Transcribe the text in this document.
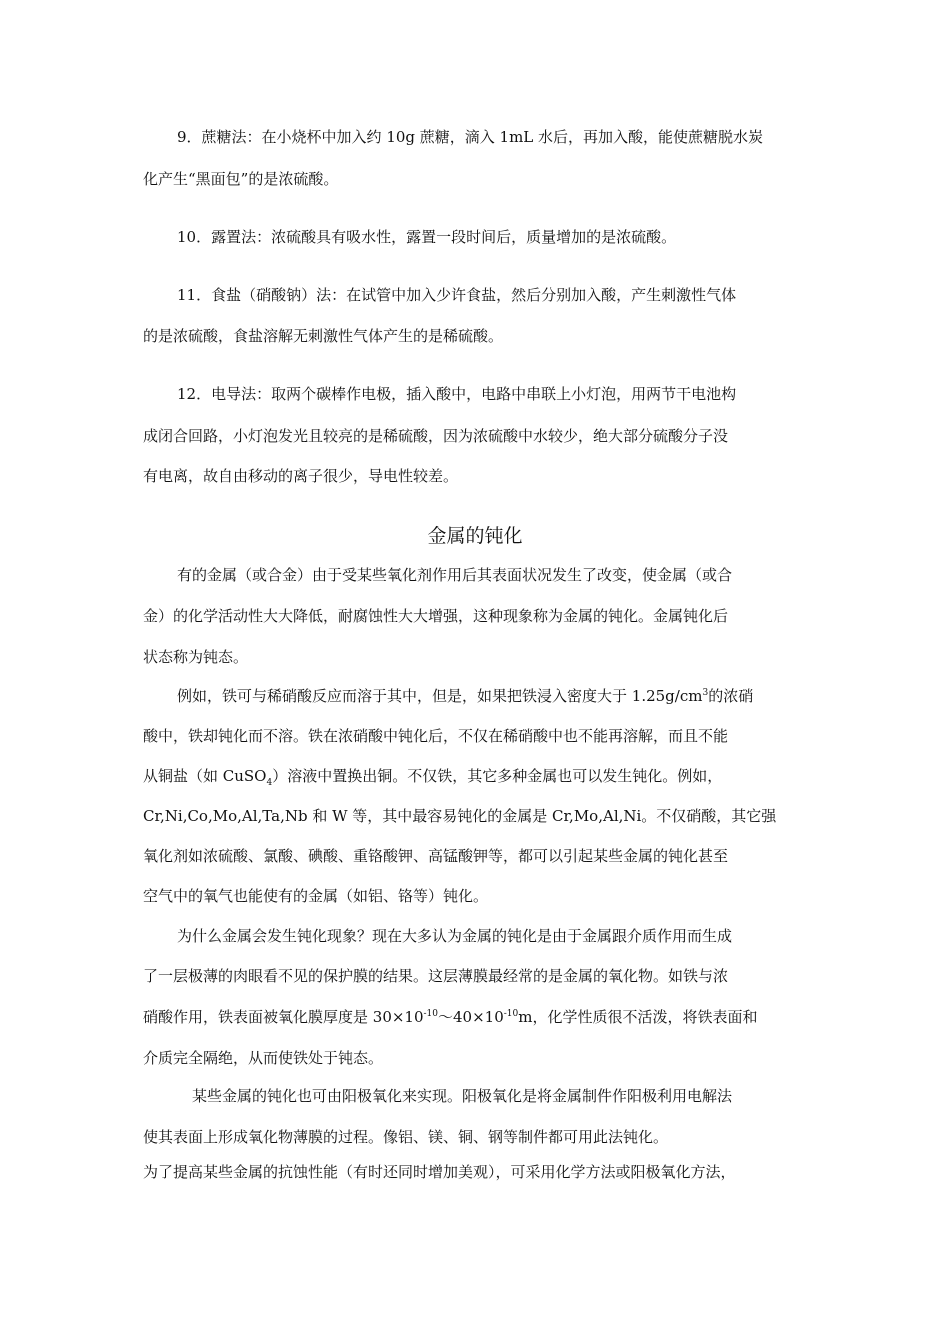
9．蔗糖法：在小烧杯中加入约 10g 蔗糖，滴入 1mL 水后，再加入酸，能使蔗糖脱水炭
化产生“黑面包”的是浓硫酸。
10．露置法：浓硫酸具有吸水性，露置一段时间后，质量增加的是浓硫酸。
11．食盐（硝酸钠）法：在试管中加入少许食盐，然后分别加入酸，产生刺激性气体
的是浓硫酸，食盐溶解无刺激性气体产生的是稀硫酸。
12．电导法：取两个碳棒作电极，插入酸中，电路中串联上小灯泡，用两节干电池构
成闭合回路，小灯泡发光且较亮的是稀硫酸，因为浓硫酸中水较少，绝大部分硫酸分子没
有电离，故自由移动的离子很少，导电性较差。
金属的钝化
有的金属（或合金）由于受某些氧化剂作用后其表面状况发生了改变，使金属（或合
金）的化学活动性大大降低，耐腐蚀性大大增强，这种现象称为金属的钝化。金属钝化后
状态称为钝态。
例如，铁可与稀硝酸反应而溶于其中，但是，如果把铁浸入密度大于 $1.25g/cm^3$的浓硝
酸中，铁却钝化而不溶。铁在浓硝酸中钝化后，不仅在稀硝酸中也不能再溶解，而且不能
从铜盐（如 CuSO$_4$）溶液中置换出铜。不仅铁，其它多种金属也可以发生钝化。例如，
Cr,Ni,Co,Mo,Al,Ta,Nb 和 W 等，其中最容易钝化的金属是 Cr,Mo,Al,Ni。不仅硝酸，其它强
氧化剂如浓硫酸、氯酸、碘酸、重铬酸钾、高锰酸钾等，都可以引起某些金属的钝化甚至
空气中的氧气也能使有的金属（如铝、铬等）钝化。
为什么金属会发生钝化现象？现在大多认为金属的钝化是由于金属跟介质作用而生成
了一层极薄的肉眼看不见的保护膜的结果。这层薄膜最经常的是金属的氧化物。如铁与浓
硝酸作用，铁表面被氧化膜厚度是 $30\times 10^{-10}\sim 40\times 10^{-10}m$，化学性质很不活泼，将铁表面和
介质完全隔绝，从而使铁处于钝态。
某些金属的钝化也可由阳极氧化来实现。阳极氧化是将金属制件作阳极利用电解法
使其表面上形成氧化物薄膜的过程。像铝、镁、铜、钢等制件都可用此法钝化。
为了提高某些金属的抗蚀性能（有时还同时增加美观），可采用化学方法或阳极氧化方法，
